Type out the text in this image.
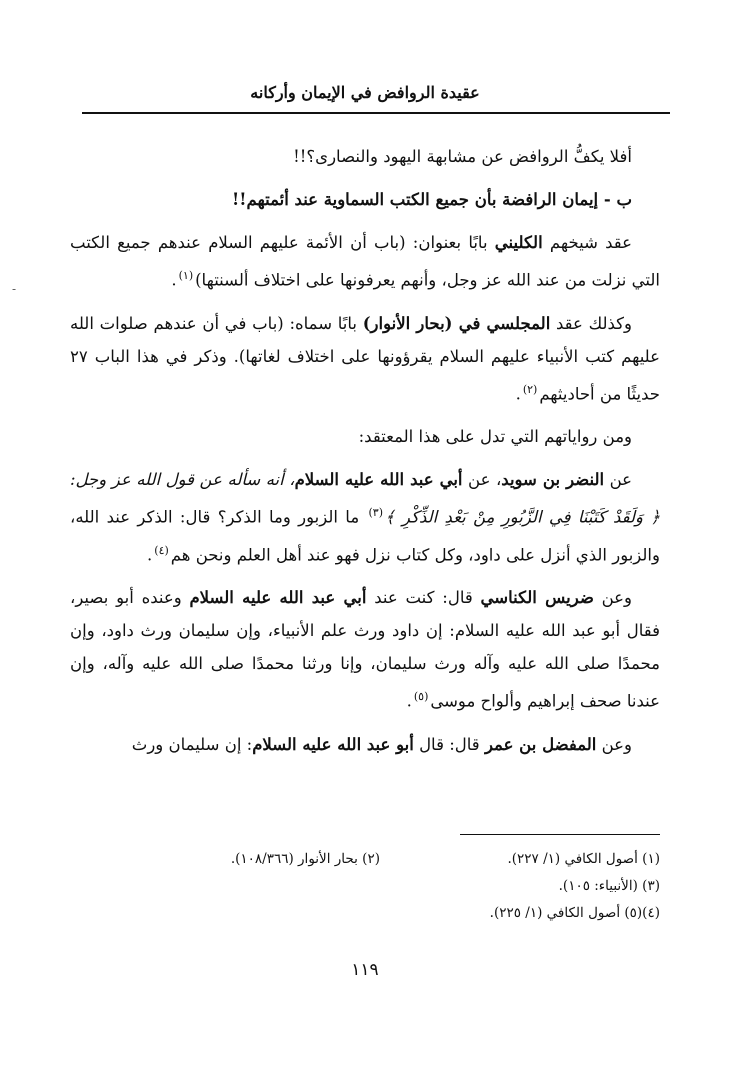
عقيدة الروافض في الإيمان وأركانه

أفلا يكفُّ الروافض عن مشابهة اليهود والنصارى؟!!

ب - إيمان الرافضة بأن جميع الكتب السماوية عند أئمتهم!!

عقد شيخهم الكليني بابًا بعنوان: (باب أن الأئمة عليهم السلام عندهم جميع الكتب التي نزلت من عند الله عز وجل، وأنهم يعرفونها على اختلاف ألسنتها)$^{(١)}$.

وكذلك عقد المجلسي في (بحار الأنوار) بابًا سماه: (باب في أن عندهم صلوات الله عليهم كتب الأنبياء عليهم السلام يقرؤونها على اختلاف لغاتها). وذكر في هذا الباب ٢٧ حديثًا من أحاديثهم$^{(٢)}$.

ومن رواياتهم التي تدل على هذا المعتقد:

عن النضر بن سويد، عن أبي عبد الله عليه السلام، أنه سأله عن قول الله عز وجل: ﴿ وَلَقَدْ كَتَبْنَا فِي الزَّبُورِ مِنْ بَعْدِ الذِّكْرِ ﴾$^{(٣)}$ ما الزبور وما الذكر؟ قال: الذكر عند الله، والزبور الذي أنزل على داود، وكل كتاب نزل فهو عند أهل العلم ونحن هم$^{(٤)}$.

وعن ضريس الكناسي قال: كنت عند أبي عبد الله عليه السلام وعنده أبو بصير، فقال أبو عبد الله عليه السلام: إن داود ورث علم الأنبياء، وإن سليمان ورث داود، وإن محمدًا صلى الله عليه وآله ورث سليمان، وإنا ورثنا محمدًا صلى الله عليه وآله، وإن عندنا صحف إبراهيم وألواح موسى$^{(٥)}$.

وعن المفضل بن عمر قال: قال أبو عبد الله عليه السلام: إن سليمان ورث

(١) أصول الكافي (١/ ٢٢٧).
(٢) بحار الأنوار (١٠٨/٣٦٦).
(٣) (الأنبياء: ١٠٥).
(٤)(٥) أصول الكافي (١/ ٢٢٥).
١١٩
-
